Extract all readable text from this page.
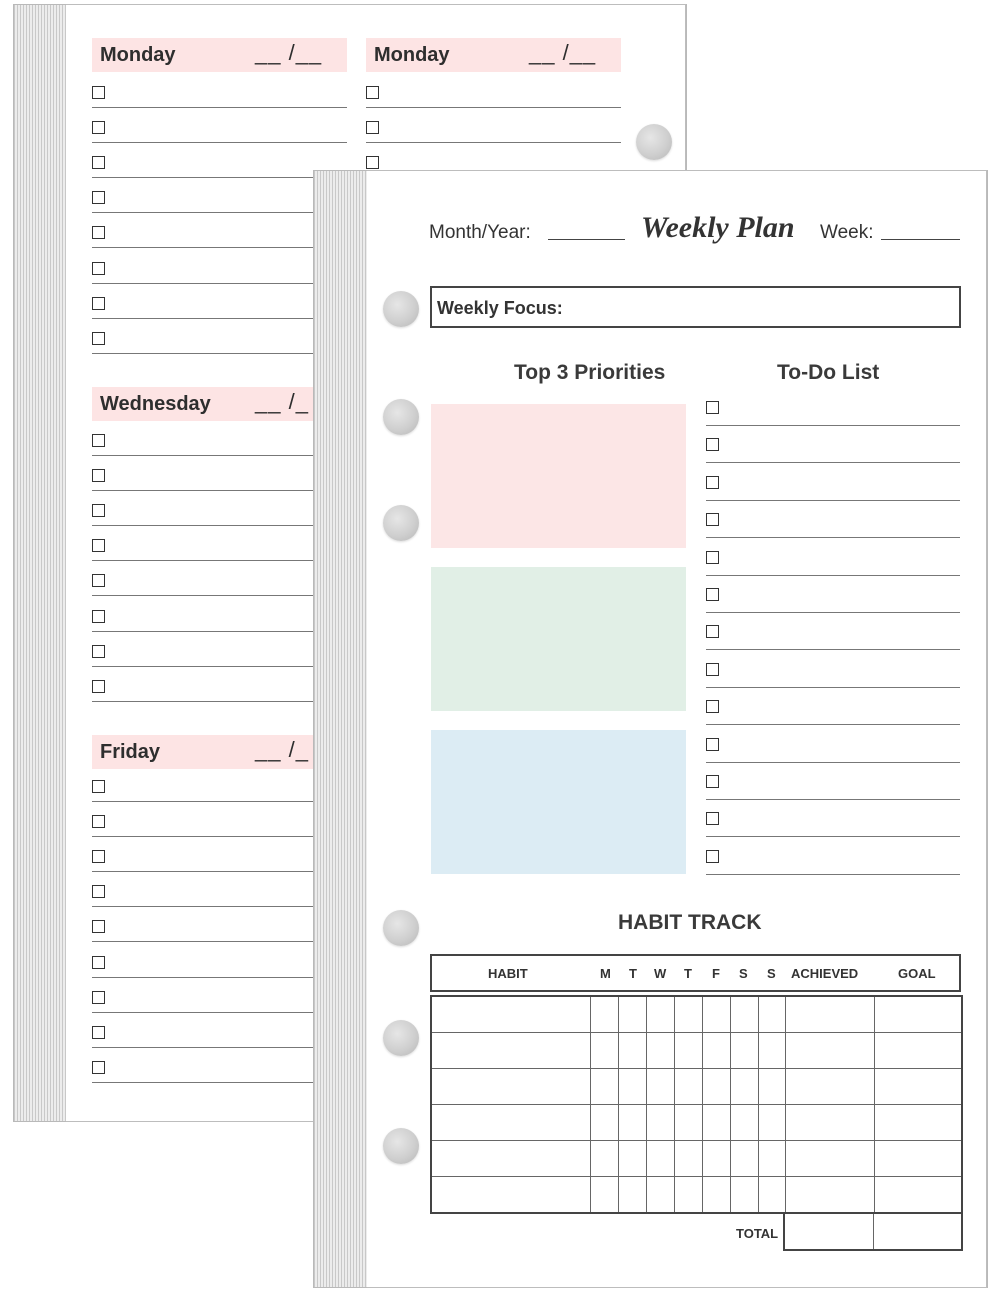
Monday	__ /__	Monday	__ /__
Wednesday __ /_
Friday	__ /_
Month/Year:	Weekly Plan Week:
Weekly Focus:
Top 3 Priorities	To-Do List
HABIT TRACK
HABIT	M T W T F S S ACHIEVED	GOAL

TOTAL
